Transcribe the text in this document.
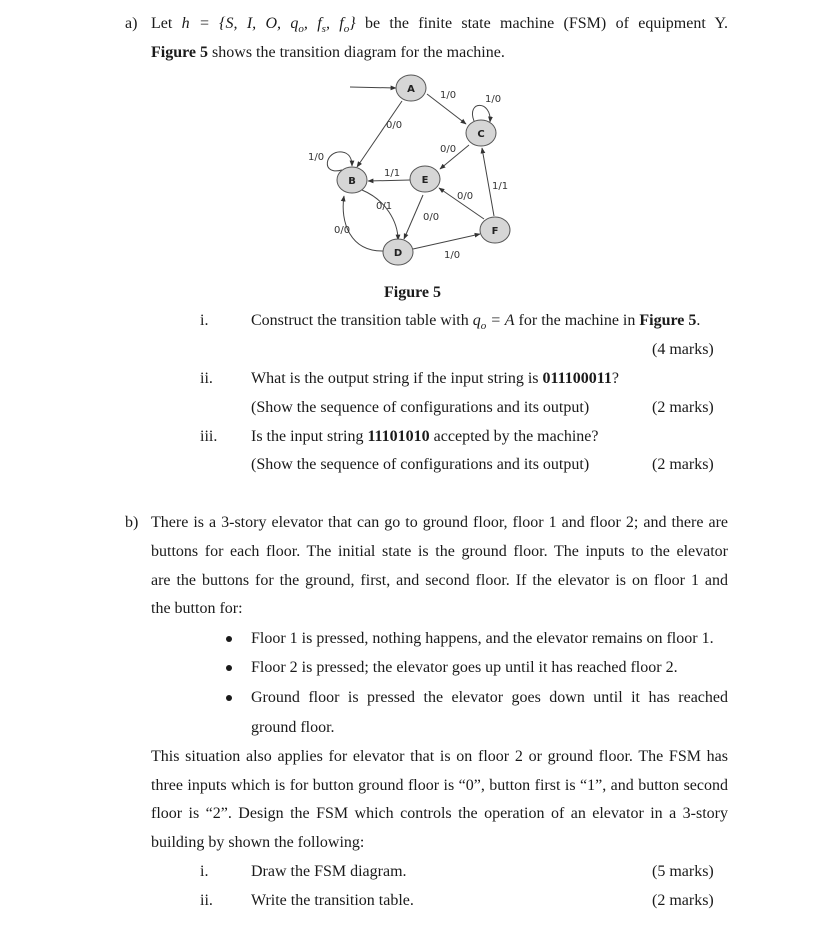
a) Let h = {S, I, O, $q_o$, $f_s$, $f_o$} be the finite state machine (FSM) of equipment Y.
Figure 5 shows the transition diagram for the machine.
A
B
C
D
E
F
1/0	1/0
0/0
0/0
1/0
1/1
1/1
0/0
0/1
0/0
0/0
1/0
Figure 5
i.	Construct the transition table with $q_o = A$ for the machine in Figure 5.
(4 marks)
ii. What is the output string if the input string is 011100011?
(Show the sequence of configurations and its output)	(2 marks)
iii. Is the input string 11101010 accepted by the machine?
(Show the sequence of configurations and its output)	(2 marks)
b) There is a 3-story elevator that can go to ground floor, floor 1 and floor 2; and there are
buttons for each floor. The initial state is the ground floor. The inputs to the elevator
are the buttons for the ground, first, and second floor. If the elevator is on floor 1 and
the button for:
Floor 1 is pressed, nothing happens, and the elevator remains on floor 1.
Floor 2 is pressed; the elevator goes up until it has reached floor 2.
Ground floor is pressed the elevator goes down until it has reached
ground floor.
This situation also applies for elevator that is on floor 2 or ground floor. The FSM has
three inputs which is for button ground floor is “0”, button first is “1”, and button second
floor is “2”. Design the FSM which controls the operation of an elevator in a 3-story
building by shown the following:
i.	Draw the FSM diagram.	(5 marks)
ii. Write the transition table.	(2 marks)
